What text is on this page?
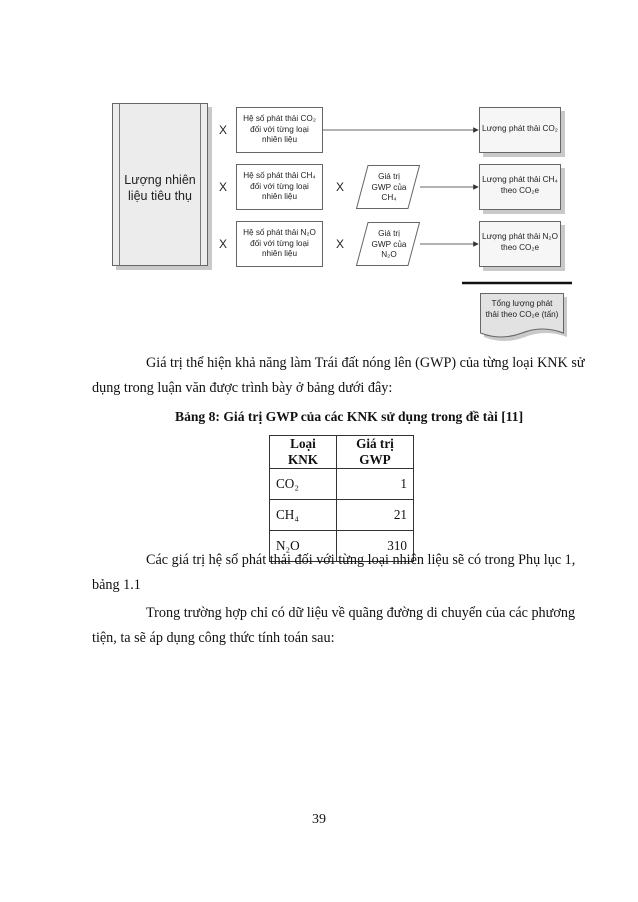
Lượng nhiên liệu tiêu thụ
X
X
X
X
X
Hệ số phát thải CO₂ đối với từng loại nhiên liệu
Hệ số phát thải CH₄ đối với từng loại nhiên liệu
Hệ số phát thải N₂O đối với từng loại nhiên liệu
Giá trị GWP của CH₄
Giá trị GWP của N₂O
Lượng phát thải CO₂
Lượng phát thải CH₄ theo CO₂e
Lượng phát thải N₂O theo CO₂e
Tổng lượng phát thải theo CO₂e (tấn)
Giá trị thể hiện khả năng làm Trái đất nóng lên (GWP) của từng loại KNK sử
dụng trong luận văn được trình bày ở bảng dưới đây:
Bảng 8: Giá trị GWP của các KNK sử dụng trong đề tài [11]
Loại KNK	Giá trị GWP
CO₂	1
CH₄	21
N₂O	310
Các giá trị hệ số phát thải đối với từng loại nhiên liệu sẽ có trong Phụ lục 1,
bảng 1.1
Trong trường hợp chỉ có dữ liệu về quãng đường di chuyển của các phương
tiện, ta sẽ áp dụng công thức tính toán sau:
39
